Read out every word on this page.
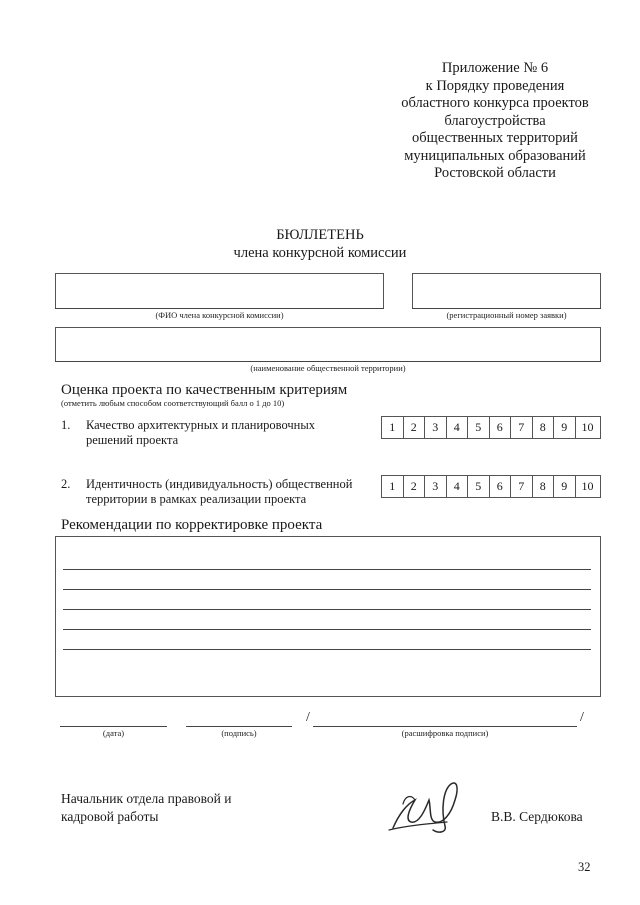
Приложение № 6
к Порядку проведения
областного конкурса проектов
благоустройства
общественных территорий
муниципальных образований
Ростовской области
БЮЛЛЕТЕНЬ
члена конкурсной комиссии
(ФИО члена конкурсной комиссии)	(регистрационный номер заявки)
(наименование общественной территории)
Оценка проекта по качественным критериям
(отметить любым способом соответствующий балл о 1 до 10)
1. Качество архитектурных и планировочных
решений проекта
1	2	3	4	5	6	7	8	9	10
2. Идентичность (индивидуальность) общественной
территории в рамках реализации проекта
1	2	3	4	5	6	7	8	9	10
Рекомендации по корректировке проекта
(дата)	(подпись)
/
(расшифровка подписи)
/
Начальник отдела правовой и
кадровой работы	В.В. Сердюкова
32
